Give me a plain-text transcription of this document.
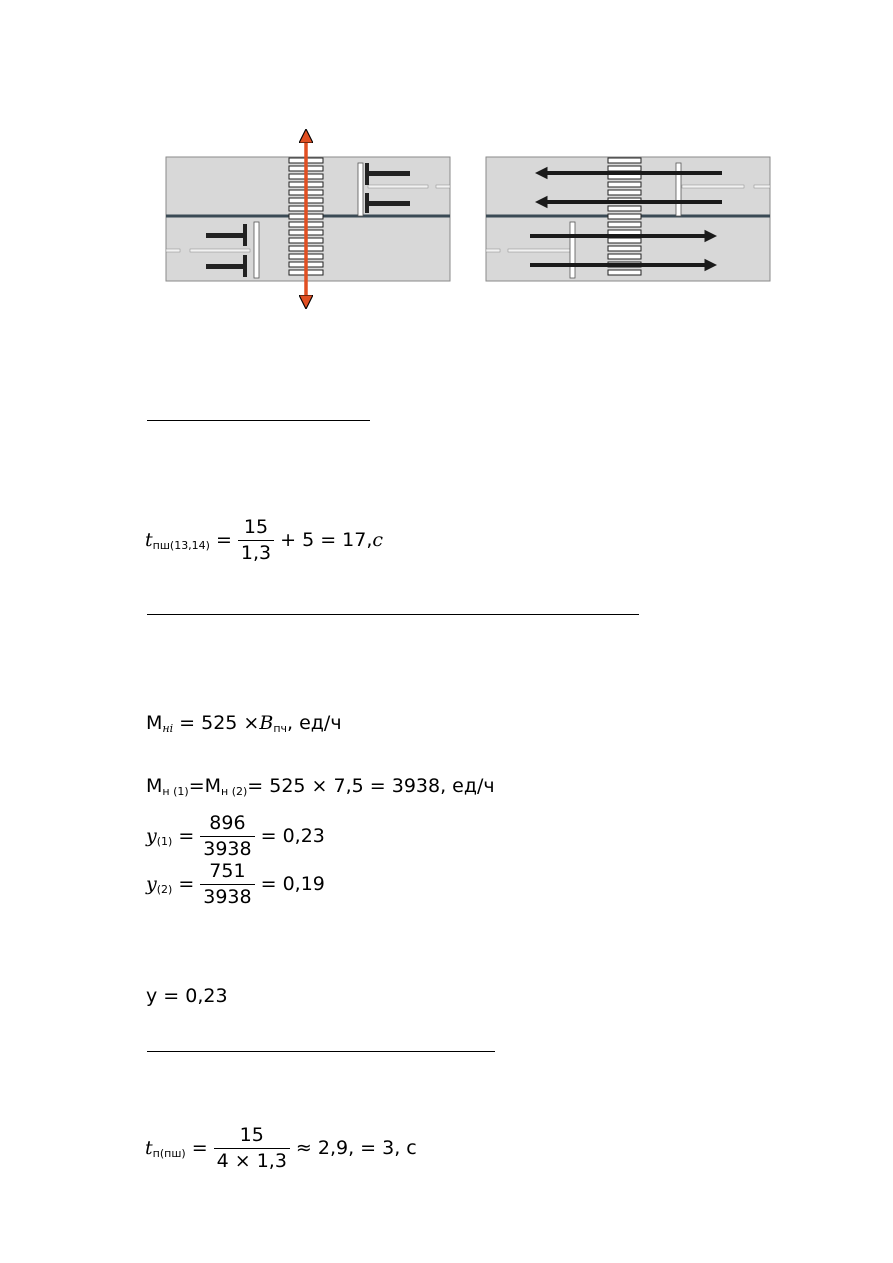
t $пш(13,14) = \frac{15}{1,3} + 5 = 17$, c
М нi = 525 × B пч , ед/ч
М н (1) = М н (2) = 525 × 7,5 = 3938, ед/ч
y $(1) = \frac{896}{3938} = 0,23$
y $(2) = \frac{751}{3938} = 0,19$
y = 0,23
t $п(пш) = \frac{15}{4 \times 1,3} \approx 2,9$, = 3, c
